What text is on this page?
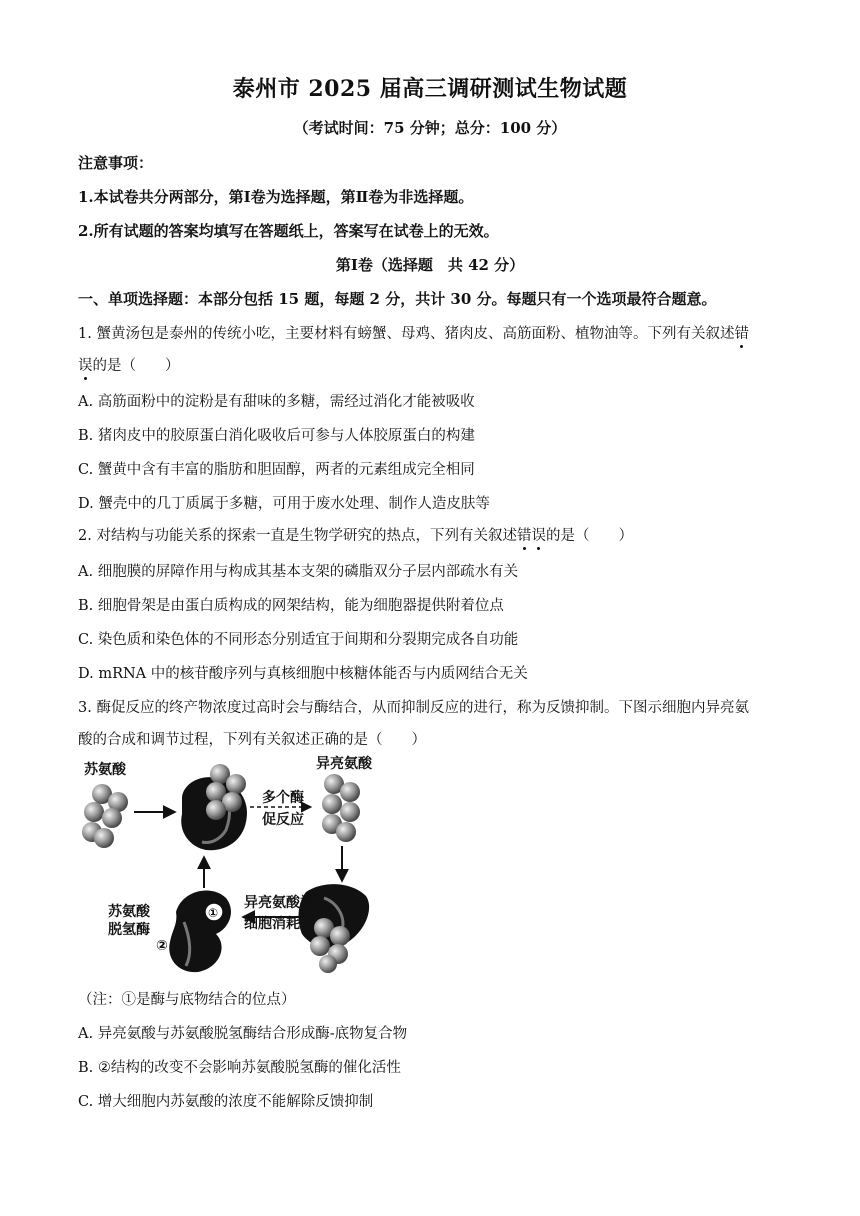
泰州市 2025 届高三调研测试生物试题
（考试时间：75 分钟；总分：100 分）
注意事项：
1.本试卷共分两部分，第Ⅰ卷为选择题，第Ⅱ卷为非选择题。
2.所有试题的答案均填写在答题纸上，答案写在试卷上的无效。
第Ⅰ卷（选择题　共 42 分）
一、单项选择题：本部分包括 15 题，每题 2 分，共计 30 分。每题只有一个选项最符合题意。
1. 蟹黄汤包是泰州的传统小吃，主要材料有螃蟹、母鸡、猪肉皮、高筋面粉、植物油等。下列有关叙述错
误的是（　　）
A. 高筋面粉中的淀粉是有甜味的多糖，需经过消化才能被吸收
B. 猪肉皮中的胶原蛋白消化吸收后可参与人体胶原蛋白的构建
C. 蟹黄中含有丰富的脂肪和胆固醇，两者的元素组成完全相同
D. 蟹壳中的几丁质属于多糖，可用于废水处理、制作人造皮肤等
2. 对结构与功能关系的探索一直是生物学研究的热点，下列有关叙述错误的是（　　）
A. 细胞膜的屏障作用与构成其基本支架的磷脂双分子层内部疏水有关
B. 细胞骨架是由蛋白质构成的网架结构，能为细胞器提供附着位点
C. 染色质和染色体的不同形态分别适宜于间期和分裂期完成各自功能
D. mRNA 中的核苷酸序列与真核细胞中核糖体能否与内质网结合无关
3. 酶促反应的终产物浓度过高时会与酶结合，从而抑制反应的进行，称为反馈抑制。下图示细胞内异亮氨
酸的合成和调节过程，下列有关叙述正确的是（　　）
苏氨酸
多个酶
促反应
异亮氨酸
异亮氨酸被
细胞消耗
①
②
苏氨酸
脱氢酶
（注：①是酶与底物结合的位点）
A. 异亮氨酸与苏氨酸脱氢酶结合形成酶-底物复合物
B. ②结构的改变不会影响苏氨酸脱氢酶的催化活性
C. 增大细胞内苏氨酸的浓度不能解除反馈抑制
